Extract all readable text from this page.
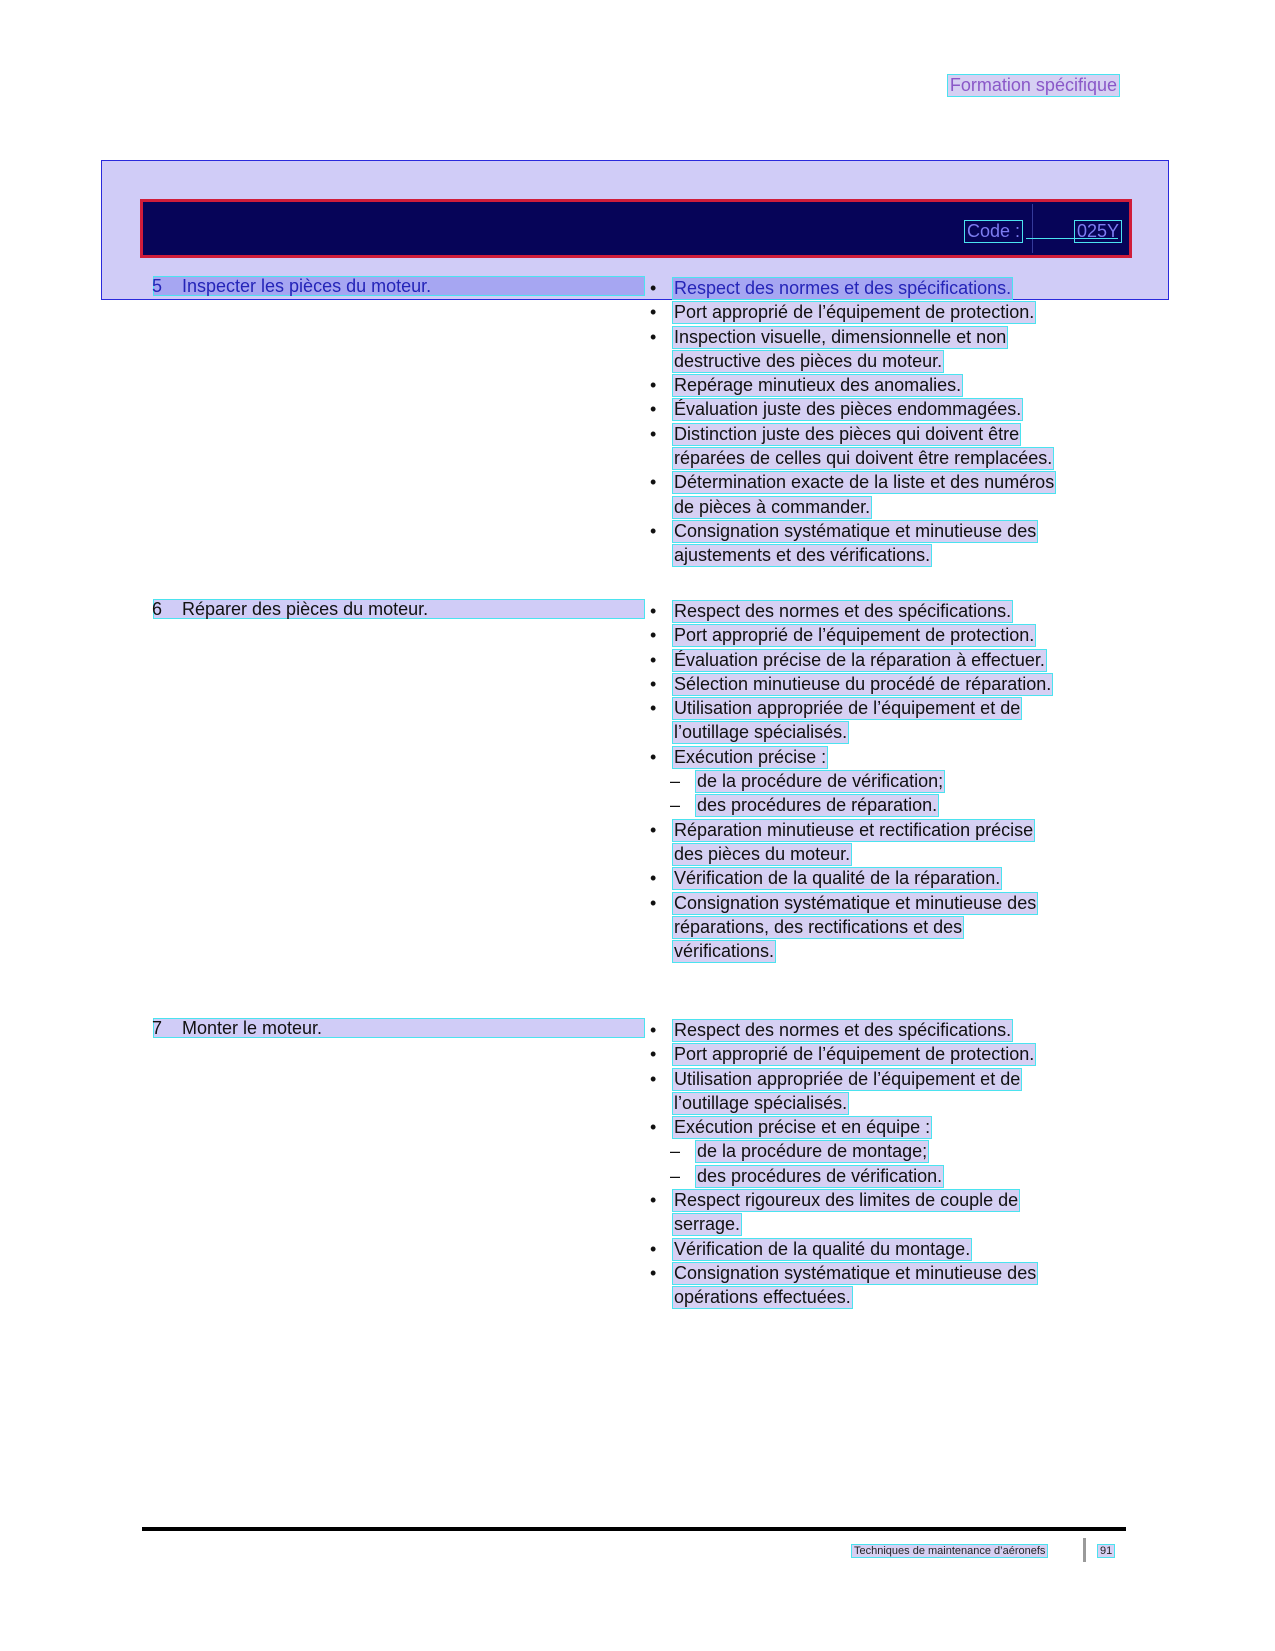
Formation spécifique
Code :	025Y
5 Inspecter les pièces du moteur.	• Respect des normes et des spécifications.
• Port approprié de l’équipement de protection.
• Inspection visuelle, dimensionnelle et non
destructive des pièces du moteur.
• Repérage minutieux des anomalies.
• Évaluation juste des pièces endommagées.
• Distinction juste des pièces qui doivent être
réparées de celles qui doivent être remplacées.
• Détermination exacte de la liste et des numéros
de pièces à commander.
• Consignation systématique et minutieuse des
ajustements et des vérifications.
6 Réparer des pièces du moteur.	• Respect des normes et des spécifications.
• Port approprié de l’équipement de protection.
• Évaluation précise de la réparation à effectuer.
• Sélection minutieuse du procédé de réparation.
• Utilisation appropriée de l’équipement et de
l’outillage spécialisés.
• Exécution précise :
– de la procédure de vérification;
– des procédures de réparation.
• Réparation minutieuse et rectification précise
des pièces du moteur.
• Vérification de la qualité de la réparation.
• Consignation systématique et minutieuse des
réparations, des rectifications et des
vérifications.
7 Monter le moteur.	• Respect des normes et des spécifications.
• Port approprié de l’équipement de protection.
• Utilisation appropriée de l’équipement et de
l’outillage spécialisés.
• Exécution précise et en équipe :
– de la procédure de montage;
– des procédures de vérification.
• Respect rigoureux des limites de couple de
serrage.
• Vérification de la qualité du montage.
• Consignation systématique et minutieuse des
opérations effectuées.
Techniques de maintenance d’aéronefs	91
